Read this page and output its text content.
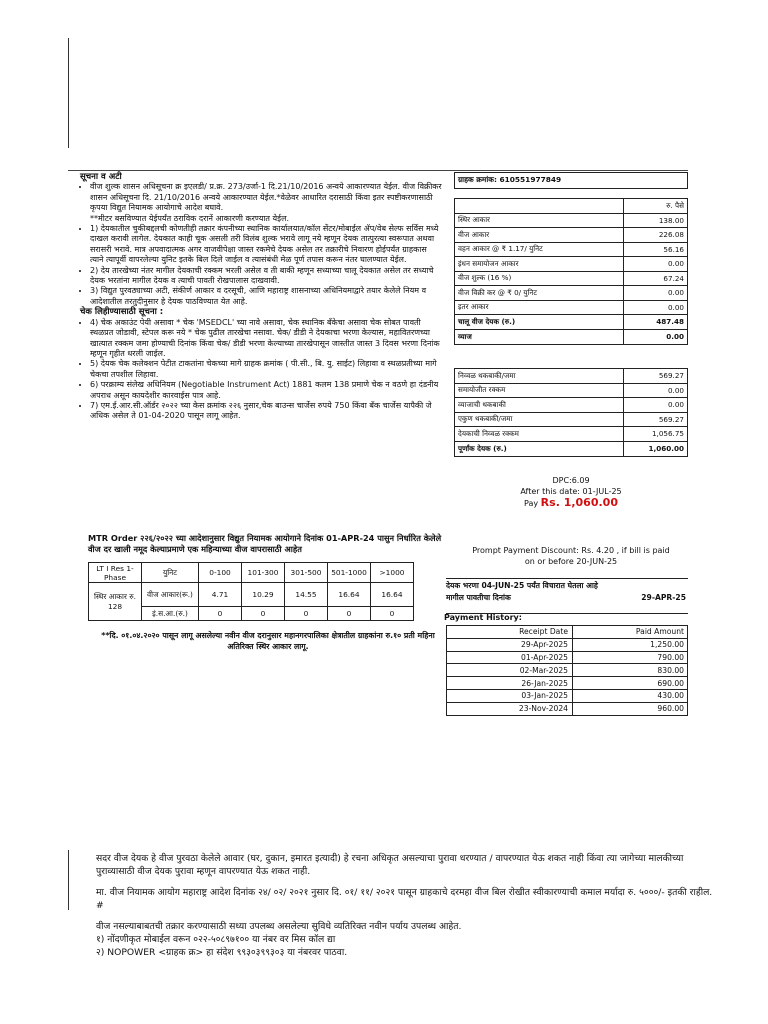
सूचना व अटी
• वीज शुल्क शासन अधिसूचना क्र इएलडी/ प्र.क्र. 273/उर्जा-1 दि.21/10/2016 अन्वये आकारण्यात येईल. वीज विक्रीकर शासन अधिसूचना दि. 21/10/2016 अन्वये आकारण्यात येईल.*वेळेवर आधारित दरासाठी किंवा इतर स्पष्टीकरणासाठी कृपया विद्युत नियामक आयोगाचे आदेश बघावे.
**मीटर बसविण्यात येईपर्यंत ठराविक दरानें आकारणी करण्यात येईल.
• 1) देयकातील चुकीबद्दलची कोणतीही तक्रार कंपनीच्या स्थानिक कार्यालयात/कॉल सेंटर/मोबाईल ॲप/वेब सेल्फ सर्विस मध्ये दाखल करावी लागेल. देयकात काही चूक असली तरी विलंब शुल्क भरावे लागू नये म्हणून देयक तात्पुरत्या स्वरूपात अथवा सरासरी भरावे. मात्र अपवादात्मक अगर वाजवीपेक्षा जास्त रकमेचे देयक असेल तर तक्रारीचे निवारण होईपर्यंत ग्राहकास त्याने त्यापूर्वी वापरलेल्या युनिट इतके बिल दिले जाईल व त्यासंबंधी मेळ पूर्ण तपास करून नंतर घालण्यात येईल.
• 2) देय तारखेच्या नंतर मागील देयकाची रक्कम भरली असेल व ती बाकी म्हणून सध्याच्या चालू देयकात असेल तर सध्याचे देयक भरतांना मागील देयक व त्याची पावती रोखपालास दाखवावी.
• 3) विद्युत पुरवठ्याच्या अटी, संकीर्ण आकार व दरसूची, आणि महाराष्ट्र शासनाच्या अधिनियमाद्वारे तयार केलेले नियम व आदेशातील तरतुदीनुसार हे देयक पाठविण्यात येत आहे.
चेक लिहीण्यासाठी सूचना :
• 4) चेक अकाउंट पेयी असावा * चेक 'MSEDCL' च्या नावे असावा, चेक स्थानिक बँकेचा असावा चेक सोबत पावती स्थळप्रत जोडावी, स्टेपल करू नये * चेक पुढील तारखेचा नसावा. चेक/ डीडी ने देयकाचा भरणा केल्यास, महावितरणच्या खात्यात रक्कम जमा होण्याची दिनांक किंवा चेक/ डीडी भरणा केल्याच्या तारखेपासून जास्तीत जास्त 3 दिवस भरणा दिनांक म्हणून गृहीत धरली जाईल.
• 5) देयक चेक कलेक्शन पेटीत टाकतांना चेकच्या मागे ग्राहक क्रमांक ( पी.सी., बि. यु. साईट) लिहावा व स्थळप्रतीच्या मागे चेकचा तपशील लिहावा.
• 6) परक्राम्य संलेख अधिनियम (Negotiable Instrument Act) 1881 कलम 138 प्रमाणे चेक न वठणे हा दंडनीय अपराध असून कायदेशीर कारवाईस पात्र आहे.
• 7) एम.ई.आर.सी.ऑर्डर २०२२ च्या केस क्रमांक २२६ नुसार,चेक बाउन्स चार्जेस रुपये 750 किंवा बँक चार्जेस यापैकी जे अधिक असेल ते 01-04-2020 पासून लागू आहेत.
MTR Order २२६/२०२२ च्या आदेशानुसार विद्युत नियामक आयोगाने दिनांक 01-APR-24 पासुन निर्धारित केलेले वीज दर खाली नमूद केल्याप्रमाणे एक महिन्याच्या वीज वापरासाठी आहेत
LT I Res 1-Phase	युनिट	0-100	101-300	301-500	501-1000	>1000
स्थिर आकार रु. 128	वीज आकार(रू.)	4.71	10.29	14.55	16.64	16.64
	इं.स.आ.(रु.)	0	0	0	0	0
**दि. ०१.०४.२०२० पासून लागू असलेल्या नवीन वीज दरानुसार महानगरपालिका क्षेत्रातील ग्राहकांना रु.१० प्रती महिना अतिरिक्त स्थिर आकार लागू.
ग्राहक क्रमांक: 610551977849
रु. पैसे
स्थिर आकार	138.00
वीज आकार	226.08
वहन आकार @ ₹ 1.17/ युनिट	56.16
इंधन समायोजन आकार	0.00
वीज शुल्क (16 %)	67.24
वीज विक्री कर @ ₹ 0/ युनिट	0.00
इतर आकार	0.00
चालू वीज देयक (रु.)	487.48
व्याज	0.00
निव्वळ थकबाकी/जमा	569.27
समायोजीत रक्कम	0.00
व्याजाची थकबाकी	0.00
एकुण थकबाकी/जमा	569.27
देयकाची निव्वळ रक्कम	1,056.75
पूर्णांक देयक (रु.)	1,060.00
DPC:6.09
After this date: 01-JUL-25
Pay Rs. 1,060.00
Prompt Payment Discount: Rs. 4.20 , if bill is paid
on or before 20-JUN-25
देयक भरणा 04-JUN-25 पर्यंत विचारात घेतला आहे
मागील पावतीचा दिनांक	29-APR-25
Payment History:
Receipt Date	Paid Amount
29-Apr-2025	1,250.00
01-Apr-2025	790.00
02-Mar-2025	830.00
26-Jan-2025	690.00
03-Jan-2025	430.00
23-Nov-2024	960.00

सदर वीज देयक हे वीज पुरवठा केलेले आवार (घर, दुकान, इमारत इत्यादी) हे रचना अधिकृत असल्याचा पुरावा धरण्यात / वापरण्यात येऊ शकत नाही किंवा त्या जागेच्या मालकीच्या पुराव्यासाठी वीज देयक पुरावा म्हणून वापरण्यात येऊ शकत नाही.

मा. वीज नियामक आयोग महाराष्ट्र आदेश दिनांक २४/ ०२/ २०२१ नुसार दि. ०१/ ११/ २०२१ पासून ग्राहकाचे दरमहा वीज बिल रोखीत स्वीकारण्याची कमाल मर्यादा रु. ५०००/- इतकी राहील. #

वीज नसल्याबाबतची तक्रार करण्यासाठी सध्या उपलब्ध असलेल्या सुविधे व्यतिरिक्त नवीन पर्याय उपलब्ध आहेत.

१) नोंदणीकृत मोबाईल वरून ०२२-५०८९७१०० या नंबर वर मिस कॉल द्या

२) NOPOWER <ग्राहक क्र> हा संदेश ९९३०३९९३०३ या नंबरवर पाठवा.
